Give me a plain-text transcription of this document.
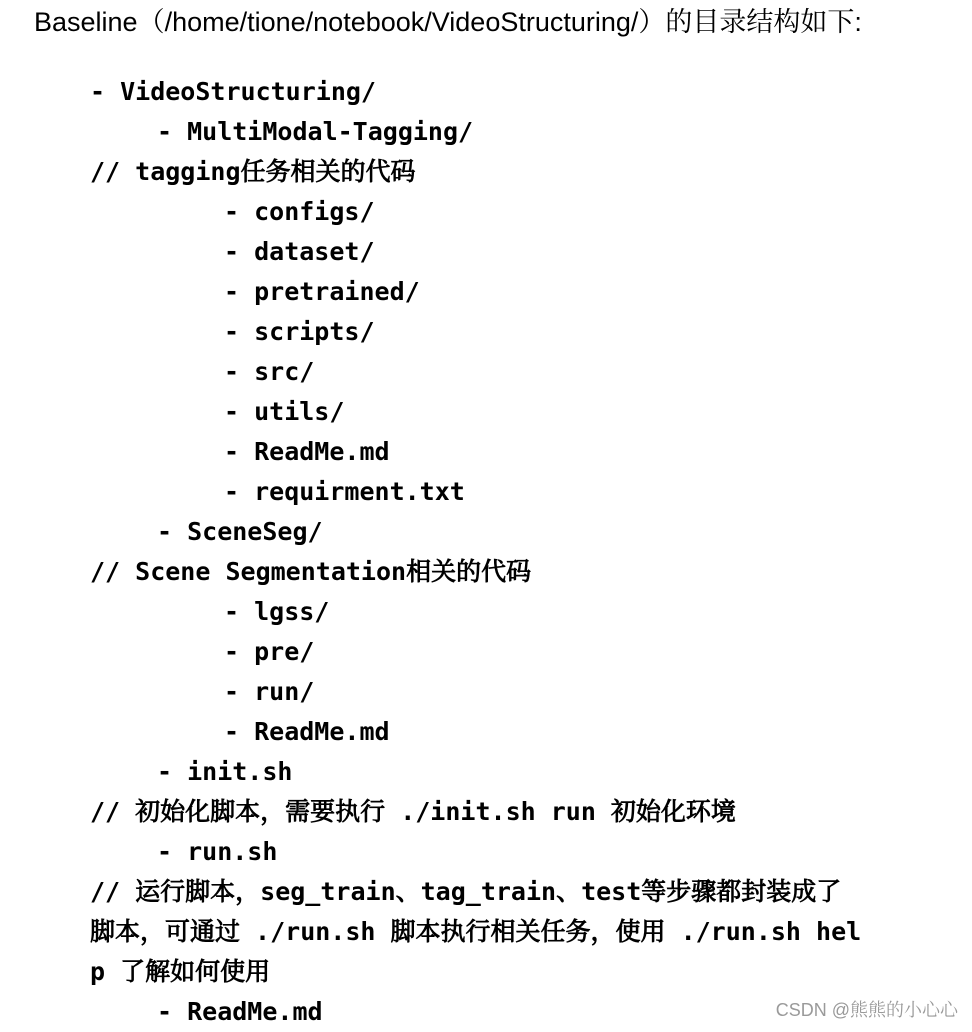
Baseline（/home/tione/notebook/VideoStructuring/）的目录结构如下:
- VideoStructuring/
- MultiModal-Tagging/
// tagging任务相关的代码
- configs/
- dataset/
- pretrained/
- scripts/
- src/
- utils/
- ReadMe.md
- requirment.txt
- SceneSeg/
// Scene Segmentation相关的代码
- lgss/
- pre/
- run/
- ReadMe.md
- init.sh
// 初始化脚本，需要执行 ./init.sh run 初始化环境
- run.sh
// 运行脚本，seg_train、tag_train、test等步骤都封装成了
脚本，可通过 ./run.sh 脚本执行相关任务，使用 ./run.sh hel
p 了解如何使用
- ReadMe.md	CSDN @熊熊的小心心
